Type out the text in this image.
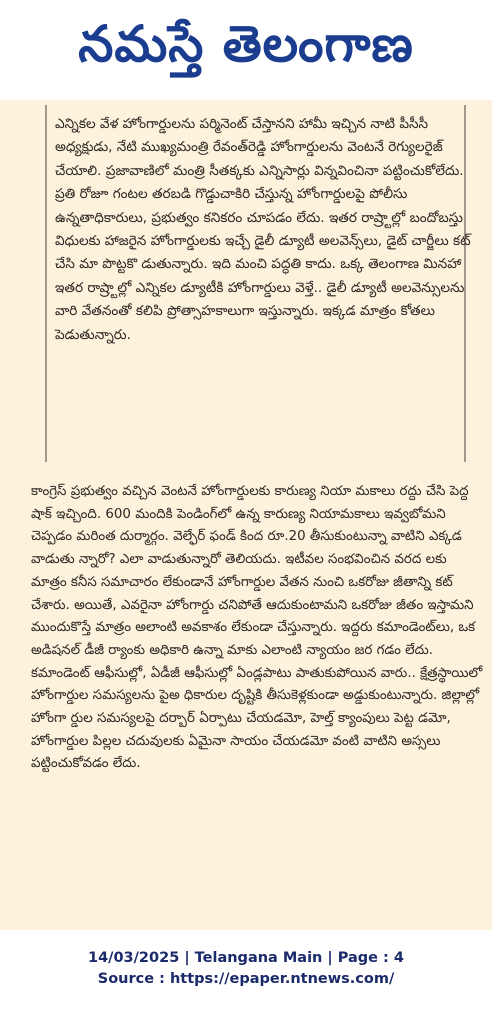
నమస్తే తెలంగాణ

ఎన్నికల వేళ హోంగార్డులను పర్మినెంట్ చేస్తానని హామీ ఇచ్చిన నాటి పీసీసీ అధ్యక్షుడు, నేటి ముఖ్యమంత్రి రేవంత్‌రెడ్డి హోంగార్డులను వెంటనే రెగ్యులరైజ్ చేయాలి. ప్రజావాణిలో మంత్రి సీతక్కకు ఎన్నిసార్లు విన్నవించినా పట్టించుకోలేదు. ప్రతి రోజూ గంటల తరబడి గొడ్డుచాకిరి చేస్తున్న హోంగార్డులపై పోలీసు ఉన్నతాధికారులు, ప్రభుత్వం కనికరం చూపడం లేదు. ఇతర రాష్ర్టాల్లో బందోబస్తు విధులకు హాజరైన హోంగార్డులకు ఇచ్చే డైలీ డ్యూటీ అలవెన్స్‌లు, డైట్ చార్జీలు కట్ చేసి మా పొట్టకొ డుతున్నారు. ఇది మంచి పద్ధతి కాదు. ఒక్క తెలంగాణ మినహా ఇతర రాష్ర్టాల్లో ఎన్నికల డ్యూటీకి హోంగార్డులు వెళ్తే.. డైలీ డ్యూటీ అలవెన్సులను వారి వేతనంతో కలిపి ప్రోత్సాహకాలుగా ఇస్తున్నారు. ఇక్కడ మాత్రం కోతలు పెడుతున్నారు.

కాంగ్రెస్ ప్రభుత్వం వచ్చిన వెంటనే హోంగార్డులకు కారుణ్య నియా మకాలు రద్దు చేసి పెద్ద షాక్ ఇచ్చింది. 600 మందికి పెండింగ్‌లో ఉన్న కారుణ్య నియామకాలు ఇవ్వబోమని చెప్పడం మరింత దుర్మార్గం. వెల్ఫేర్ ఫండ్ కింద రూ.20 తీసుకుంటున్నా వాటిని ఎక్కడ వాడుతు న్నారో? ఎలా వాడుతున్నారో తెలియదు. ఇటీవల సంభవించిన వరద లకు మాత్రం కనీస సమాచారం లేకుండానే హోంగార్డుల వేతన నుంచి ఒకరోజు జీతాన్ని కట్ చేశారు. అయితే, ఎవరైనా హోంగార్డు చనిపోతే ఆదుకుంటామని ఒకరోజు జీతం ఇస్తామని ముందుకొస్తే మాత్రం అలాంటి అవకాశం లేకుండా చేస్తున్నారు. ఇద్దరు కమాండెంట్‌లు, ఒక అడిషనల్ డీజీ ర్యాంకు అధికారి ఉన్నా మాకు ఎలాంటి న్యాయం జర గడం లేదు. కమాండెంట్ ఆఫీసుల్లో, ఏడీజీ ఆఫీసుల్లో ఏండ్లపాటు పాతుకుపోయిన వారు.. క్షేత్రస్థాయిలో హోంగార్డుల సమస్యలను పైఅ ధికారుల దృష్టికి తీసుకెళ్లకుండా అడ్డుకుంటున్నారు. జిల్లాల్లో హోంగా ర్డుల సమస్యలపై దర్బార్ ఏర్పాటు చేయడమో, హెల్త్ క్యాంపులు పెట్ట డమో, హోంగార్డుల పిల్లల చదువులకు ఏమైనా సాయం చేయడమో వంటి వాటిని అస్సలు పట్టించుకోవడం లేదు.

14/03/2025 | Telangana Main | Page : 4
Source : https://epaper.ntnews.com/
